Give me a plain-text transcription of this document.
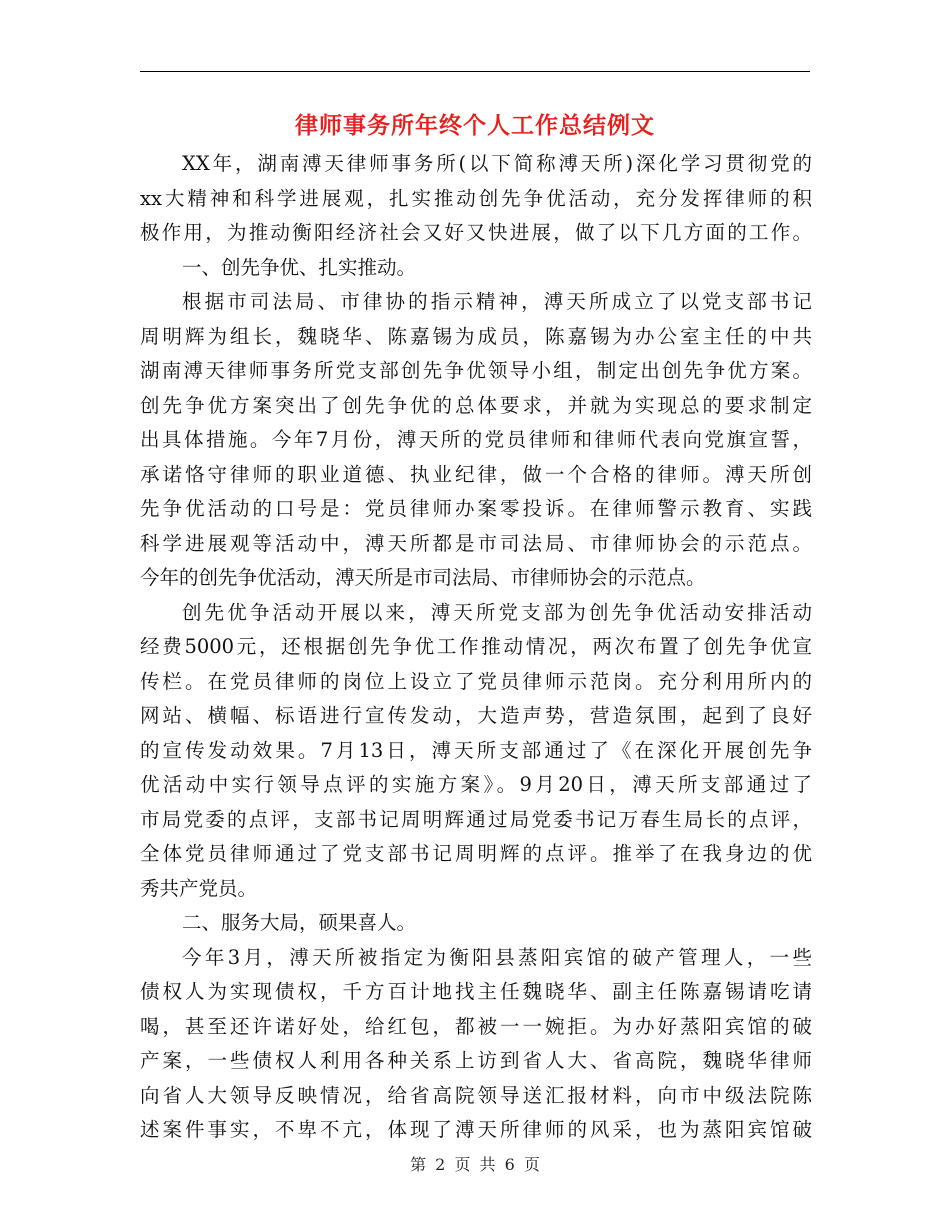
律师事务所年终个人工作总结例文
XX年，湖南溥天律师事务所(以下简称溥天所)深化学习贯彻党的
xx大精神和科学进展观，扎实推动创先争优活动，充分发挥律师的积
极作用，为推动衡阳经济社会又好又快进展，做了以下几方面的工作。
一、创先争优、扎实推动。
根据市司法局、市律协的指示精神，溥天所成立了以党支部书记
周明辉为组长，魏晓华、陈嘉锡为成员，陈嘉锡为办公室主任的中共
湖南溥天律师事务所党支部创先争优领导小组，制定出创先争优方案。
创先争优方案突出了创先争优的总体要求，并就为实现总的要求制定
出具体措施。今年7月份，溥天所的党员律师和律师代表向党旗宣誓，
承诺恪守律师的职业道德、执业纪律，做一个合格的律师。溥天所创
先争优活动的口号是：党员律师办案零投诉。在律师警示教育、实践
科学进展观等活动中，溥天所都是市司法局、市律师协会的示范点。
今年的创先争优活动，溥天所是市司法局、市律师协会的示范点。
创先优争活动开展以来，溥天所党支部为创先争优活动安排活动
经费5000元，还根据创先争优工作推动情况，两次布置了创先争优宣
传栏。在党员律师的岗位上设立了党员律师示范岗。充分利用所内的
网站、横幅、标语进行宣传发动，大造声势，营造氛围，起到了良好
的宣传发动效果。7月13日，溥天所支部通过了《在深化开展创先争
优活动中实行领导点评的实施方案》。9月20日，溥天所支部通过了
市局党委的点评，支部书记周明辉通过局党委书记万春生局长的点评，
全体党员律师通过了党支部书记周明辉的点评。推举了在我身边的优
秀共产党员。
二、服务大局，硕果喜人。
今年3月，溥天所被指定为衡阳县蒸阳宾馆的破产管理人，一些
债权人为实现债权，千方百计地找主任魏晓华、副主任陈嘉锡请吃请
喝，甚至还许诺好处，给红包，都被一一婉拒。为办好蒸阳宾馆的破
产案，一些债权人利用各种关系上访到省人大、省高院，魏晓华律师
向省人大领导反映情况，给省高院领导送汇报材料，向市中级法院陈
述案件事实，不卑不亢，体现了溥天所律师的风采，也为蒸阳宾馆破
第 2 页 共 6 页
